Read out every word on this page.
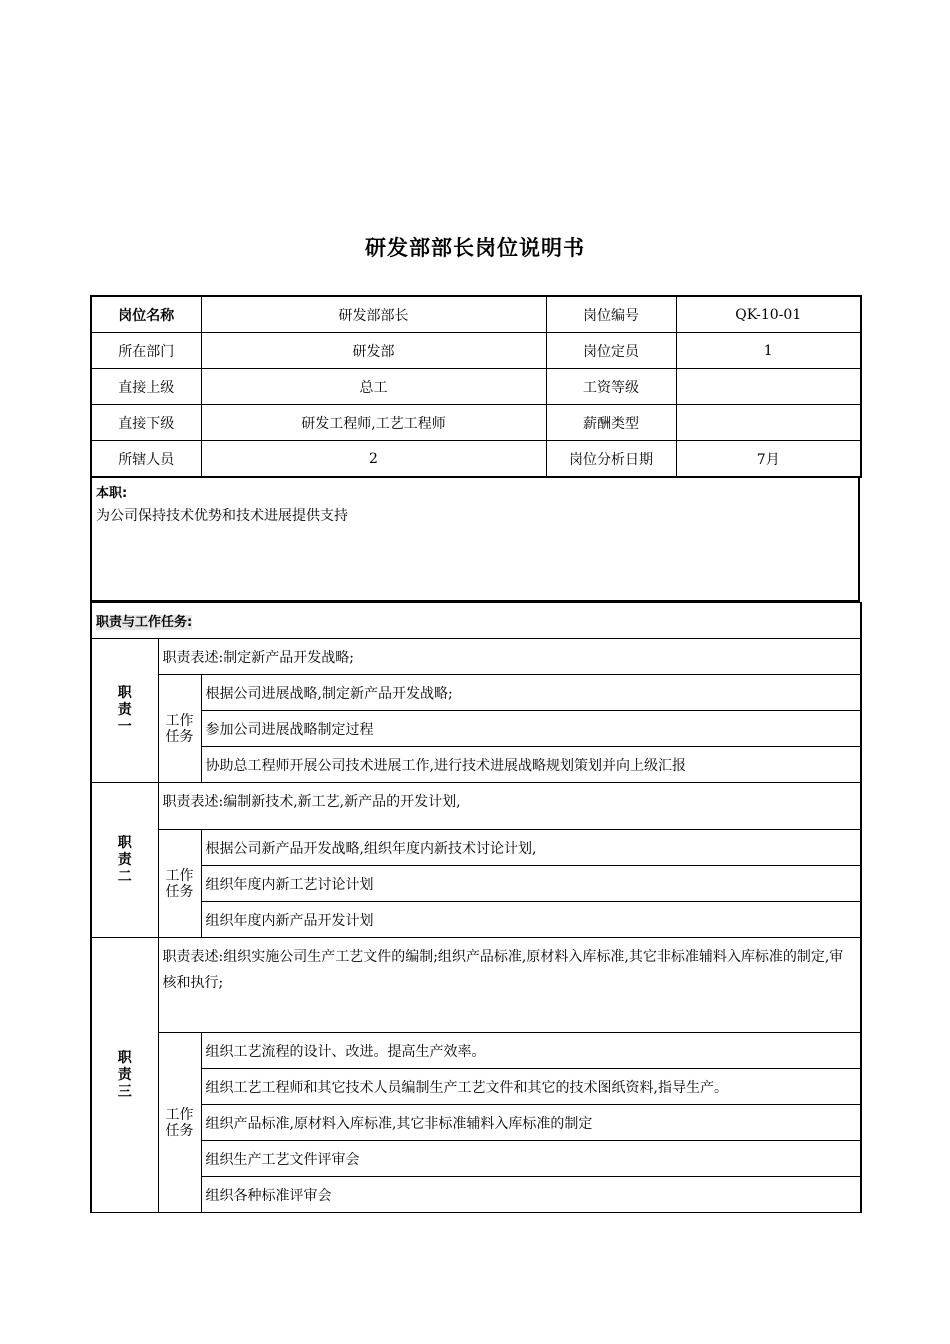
研发部部长岗位说明书
岗位名称	研发部部长	岗位编号	QK-10-01
所在部门	研发部	岗位定员	1
直接上级	总工	工资等级	
直接下级	研发工程师,工艺工程师	薪酬类型	
所辖人员	2	岗位分析日期	7月
本职:
为公司保持技术优势和技术进展提供支持
职责与工作任务:		

职责一	职责表述:制定新产品开发战略;	

	工作任务	根据公司进展战略,制定新产品开发战略;
		参加公司进展战略制定过程
		协助总工程师开展公司技术进展工作,进行技术进展战略规划策划并向上级汇报

职责二	职责表述:编制新技术,新工艺,新产品的开发计划,	

	工作任务	根据公司新产品开发战略,组织年度内新技术讨论计划,
		组织年度内新工艺讨论计划
		组织年度内新产品开发计划

职责三	职责表述:组织实施公司生产工艺文件的编制;组织产品标准,原材料入库标准,其它非标准辅料入库标准的制定,审核和执行;	

	工作任务	组织工艺流程的设计、改进。提高生产效率。
		组织工艺工程师和其它技术人员编制生产工艺文件和其它的技术图纸资料,指导生产。
		组织产品标准,原材料入库标准,其它非标准辅料入库标准的制定
		组织生产工艺文件评审会
		组织各种标准评审会
